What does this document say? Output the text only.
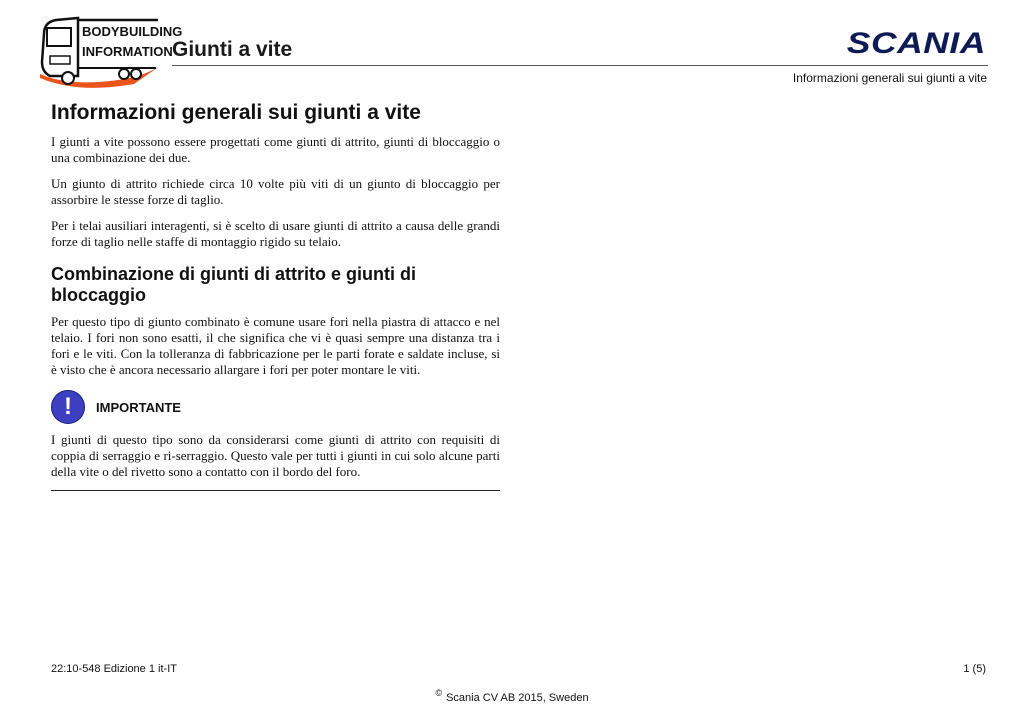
BODYBUILDING
INFORMATION Giunti a vite	SCANIA
Informazioni generali sui giunti a vite
Informazioni generali sui giunti a vite

I giunti a vite possono essere progettati come giunti di attrito, giunti di bloccaggio o una combinazione dei due.

Un giunto di attrito richiede circa 10 volte più viti di un giunto di bloccaggio per assorbire le stesse forze di taglio.

Per i telai ausiliari interagenti, si è scelto di usare giunti di attrito a causa delle grandi forze di taglio nelle staffe di montaggio rigido su telaio.

Combinazione di giunti di attrito e giunti di bloccaggio

Per questo tipo di giunto combinato è comune usare fori nella piastra di attacco e nel telaio. I fori non sono esatti, il che significa che vi è quasi sempre una distanza tra i fori e le viti. Con la tolleranza di fabbricazione per le parti forate e saldate incluse, si è visto che è ancora necessario allargare i fori per poter montare le viti.

! IMPORTANTE

I giunti di questo tipo sono da considerarsi come giunti di attrito con requisiti di coppia di serraggio e ri-serraggio. Questo vale per tutti i giunti in cui solo alcune parti della vite o del rivetto sono a contatto con il bordo del foro.

22:10-548 Edizione 1 it-IT	1 (5)
© Scania CV AB 2015, Sweden
